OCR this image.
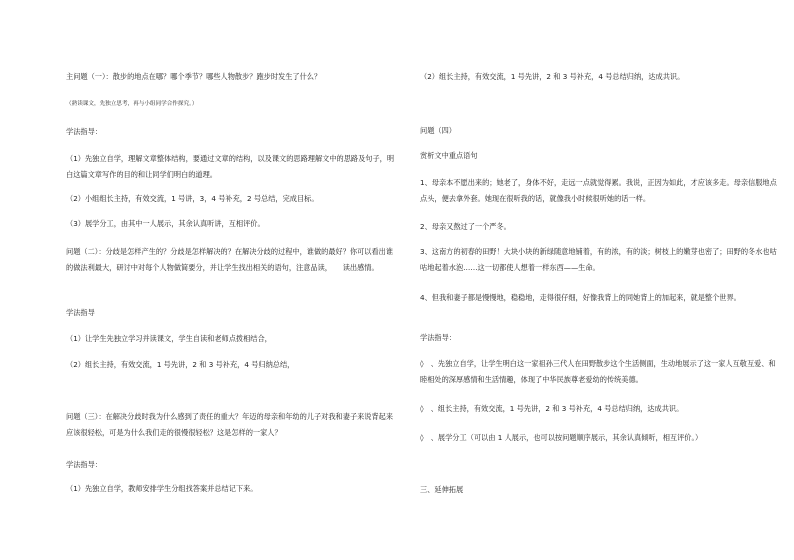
主问题（一）：散步的地点在哪？哪个季节？哪些人物散步？跑步时发生了什么？
（熟读课文，先独立思考，再与小组同学合作探究。）
学法指导：
（1）先独立自学，理解文章整体结构，要通过文章的结构，以及课文的思路理解文中的思路及句子，明白这篇文章写作的目的和让同学们明白的道理。
（2）小组组长主持，有效交流，1 号讲，3，4 号补充，2 号总结，完成目标。
（3）展学分工，由其中一人展示，其余认真听讲，互相评价。
问题（二）：分歧是怎样产生的？分歧是怎样解决的？在解决分歧的过程中，谁做的最好？你可以看出谁的做法利最大，研讨中对每个人物做简要分，并让学生找出相关的语句，注意品读，　　读出感情。
学法指导
（1）让学生先独立学习并读课文，学生自读和老师点拨相结合，
（2）组长主持，有效交流，1 号先讲，2 和 3 号补充，4 号归纳总结，
问题（三）：在解决分歧时我为什么感到了责任的重大？年迈的母亲和年幼的儿子对我和妻子来说背起来应该很轻松，可是为什么我们走的很慢很轻松？这是怎样的一家人？
学法指导：
（1）先独立自学，教师安排学生分组找答案并总结记下来。
（2）组长主持，有效交流，1 号先讲，2 和 3 号补充，4 号总结归纳，达成共识。
问题（四）
赏析文中重点语句
1、母亲本不愿出来的；她老了，身体不好，走远一点就觉得累。我说，正因为如此，才应该多走。母亲信服地点点头，便去拿外套。她现在很听我的话，就像我小时候很听她的话一样。
2、母亲又熬过了一个严冬。
3、这南方的初春的田野！大块小块的新绿随意地铺着，有的浓，有的淡；树枝上的嫩芽也密了；田野的冬水也咕咕地起着水泡……这一切都使人想着一样东西——生命。
4、但我和妻子都是慢慢地，稳稳地，走得很仔细，好像我背上的同她背上的加起来，就是整个世界。
学法指导：
◊　、先独立自学，让学生明白这一家祖孙三代人在田野散步这个生活侧面，生动地展示了这一家人互敬互爱、和睦相处的深厚感情和生活情趣，体现了中华民族尊老爱幼的传统美德。
◊　、组长主持，有效交流，1 号先讲，2 和 3 号补充，4 号总结归纳，达成共识。
◊　、展学分工（可以由 1 人展示，也可以按问题顺序展示，其余认真倾听，相互评价。）
三、延伸拓展
